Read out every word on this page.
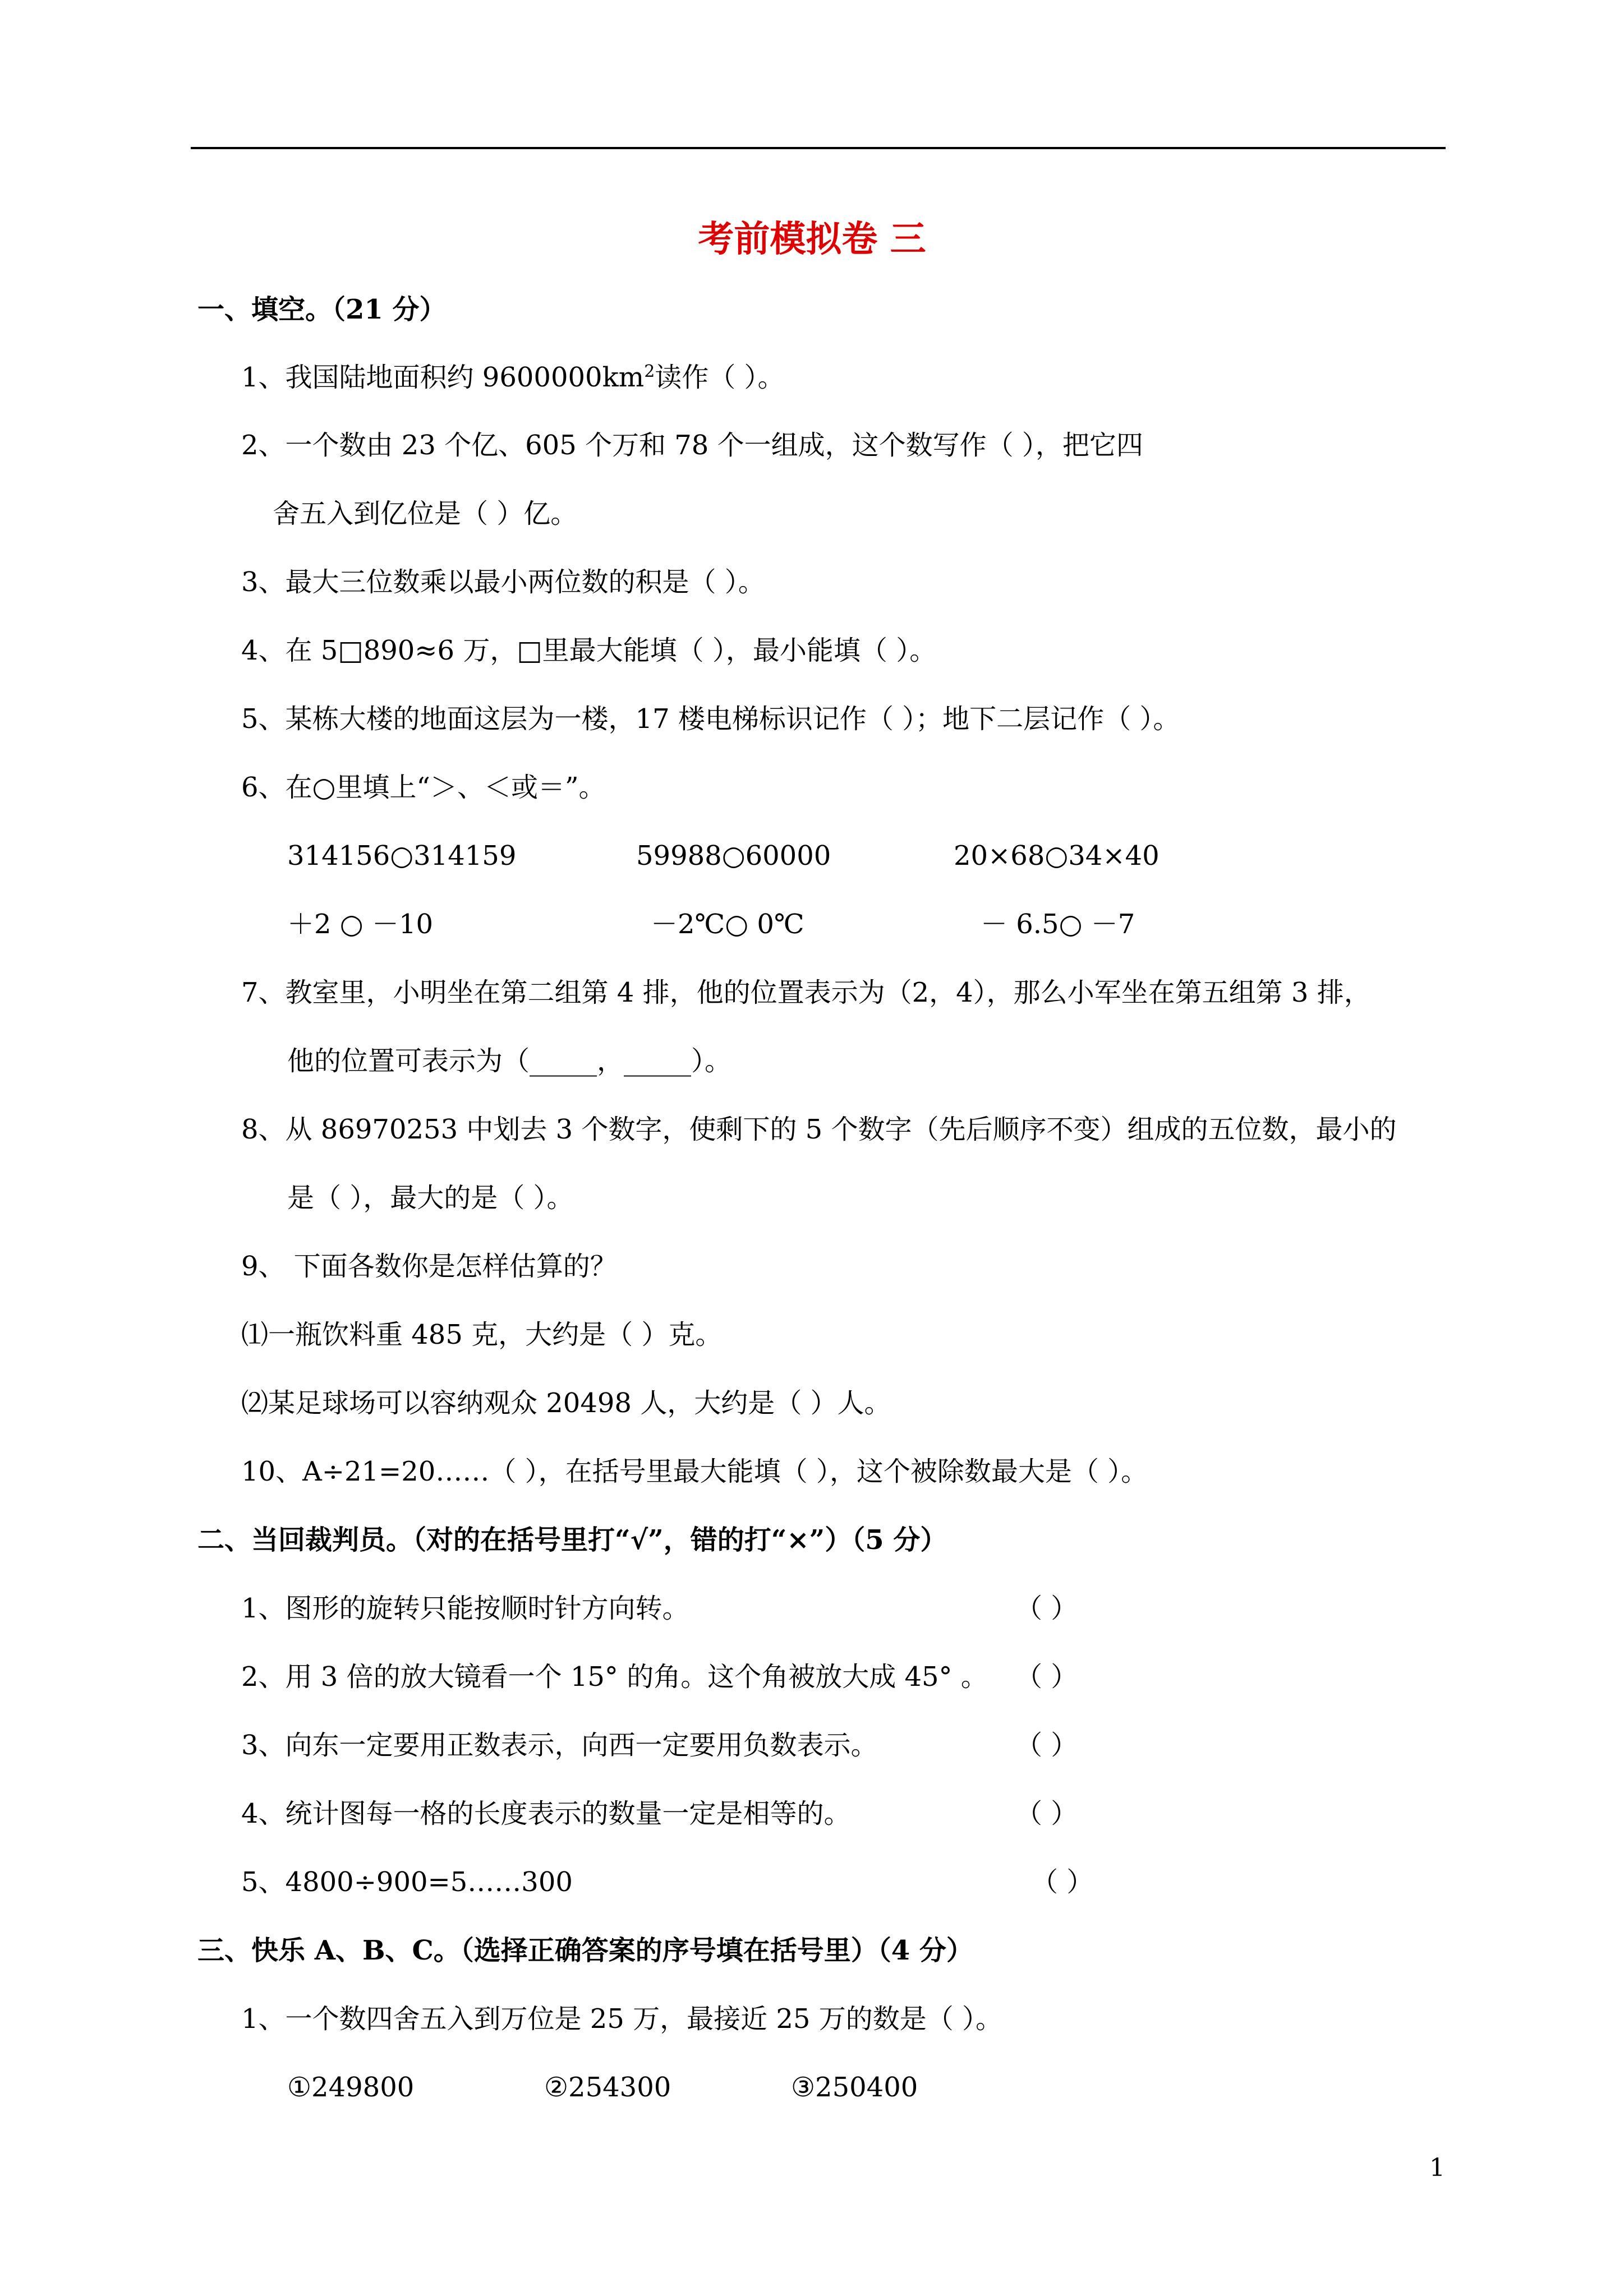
考前模拟卷 三
一、填空。（21 分）
1、我国陆地面积约 $9600000km^2$读作（ ）。
2、一个数由 23 个亿、605 个万和 78 个一组成，这个数写作（ ），把它四
舍五入到亿位是（ ）亿。
3、最大三位数乘以最小两位数的积是（ ）。
4、在 5□890≈6 万，□里最大能填（ ），最小能填（ ）。
5、某栋大楼的地面这层为一楼，17 楼电梯标识记作（ ）；地下二层记作（ ）。
6、在○里填上“＞、＜或＝”。
314156○314159	59988○60000	20×68○34×40
＋2 ○ －10	－2℃○ 0℃	－ 6.5○ －7
7、教室里，小明坐在第二组第 4 排，他的位置表示为（2，4），那么小军坐在第五组第 3 排，
他的位置可表示为（_____，_____）。
8、从 86970253 中划去 3 个数字，使剩下的 5 个数字（先后顺序不变）组成的五位数，最小的
是（ ），最大的是（ ）。
9、 下面各数你是怎样估算的？
⑴一瓶饮料重 485 克，大约是（ ）克。
⑵某足球场可以容纳观众 20498 人，大约是（ ）人。
10、A÷21=20……（ ），在括号里最大能填（ ），这个被除数最大是（ ）。
二、当回裁判员。（对的在括号里打“√”，错的打“×”）（5 分）
1、图形的旋转只能按顺时针方向转。	（ ）
2、用 3 倍的放大镜看一个 15° 的角。这个角被放大成 45° 。 （ ）
3、向东一定要用正数表示，向西一定要用负数表示。	（ ）
4、统计图每一格的长度表示的数量一定是相等的。	（ ）
5、4800÷900=5……300	（ ）
三、快乐 A、B、C。（选择正确答案的序号填在括号里）（4 分）
1、一个数四舍五入到万位是 25 万，最接近 25 万的数是（ ）。
①249800	②254300	③250400
1
